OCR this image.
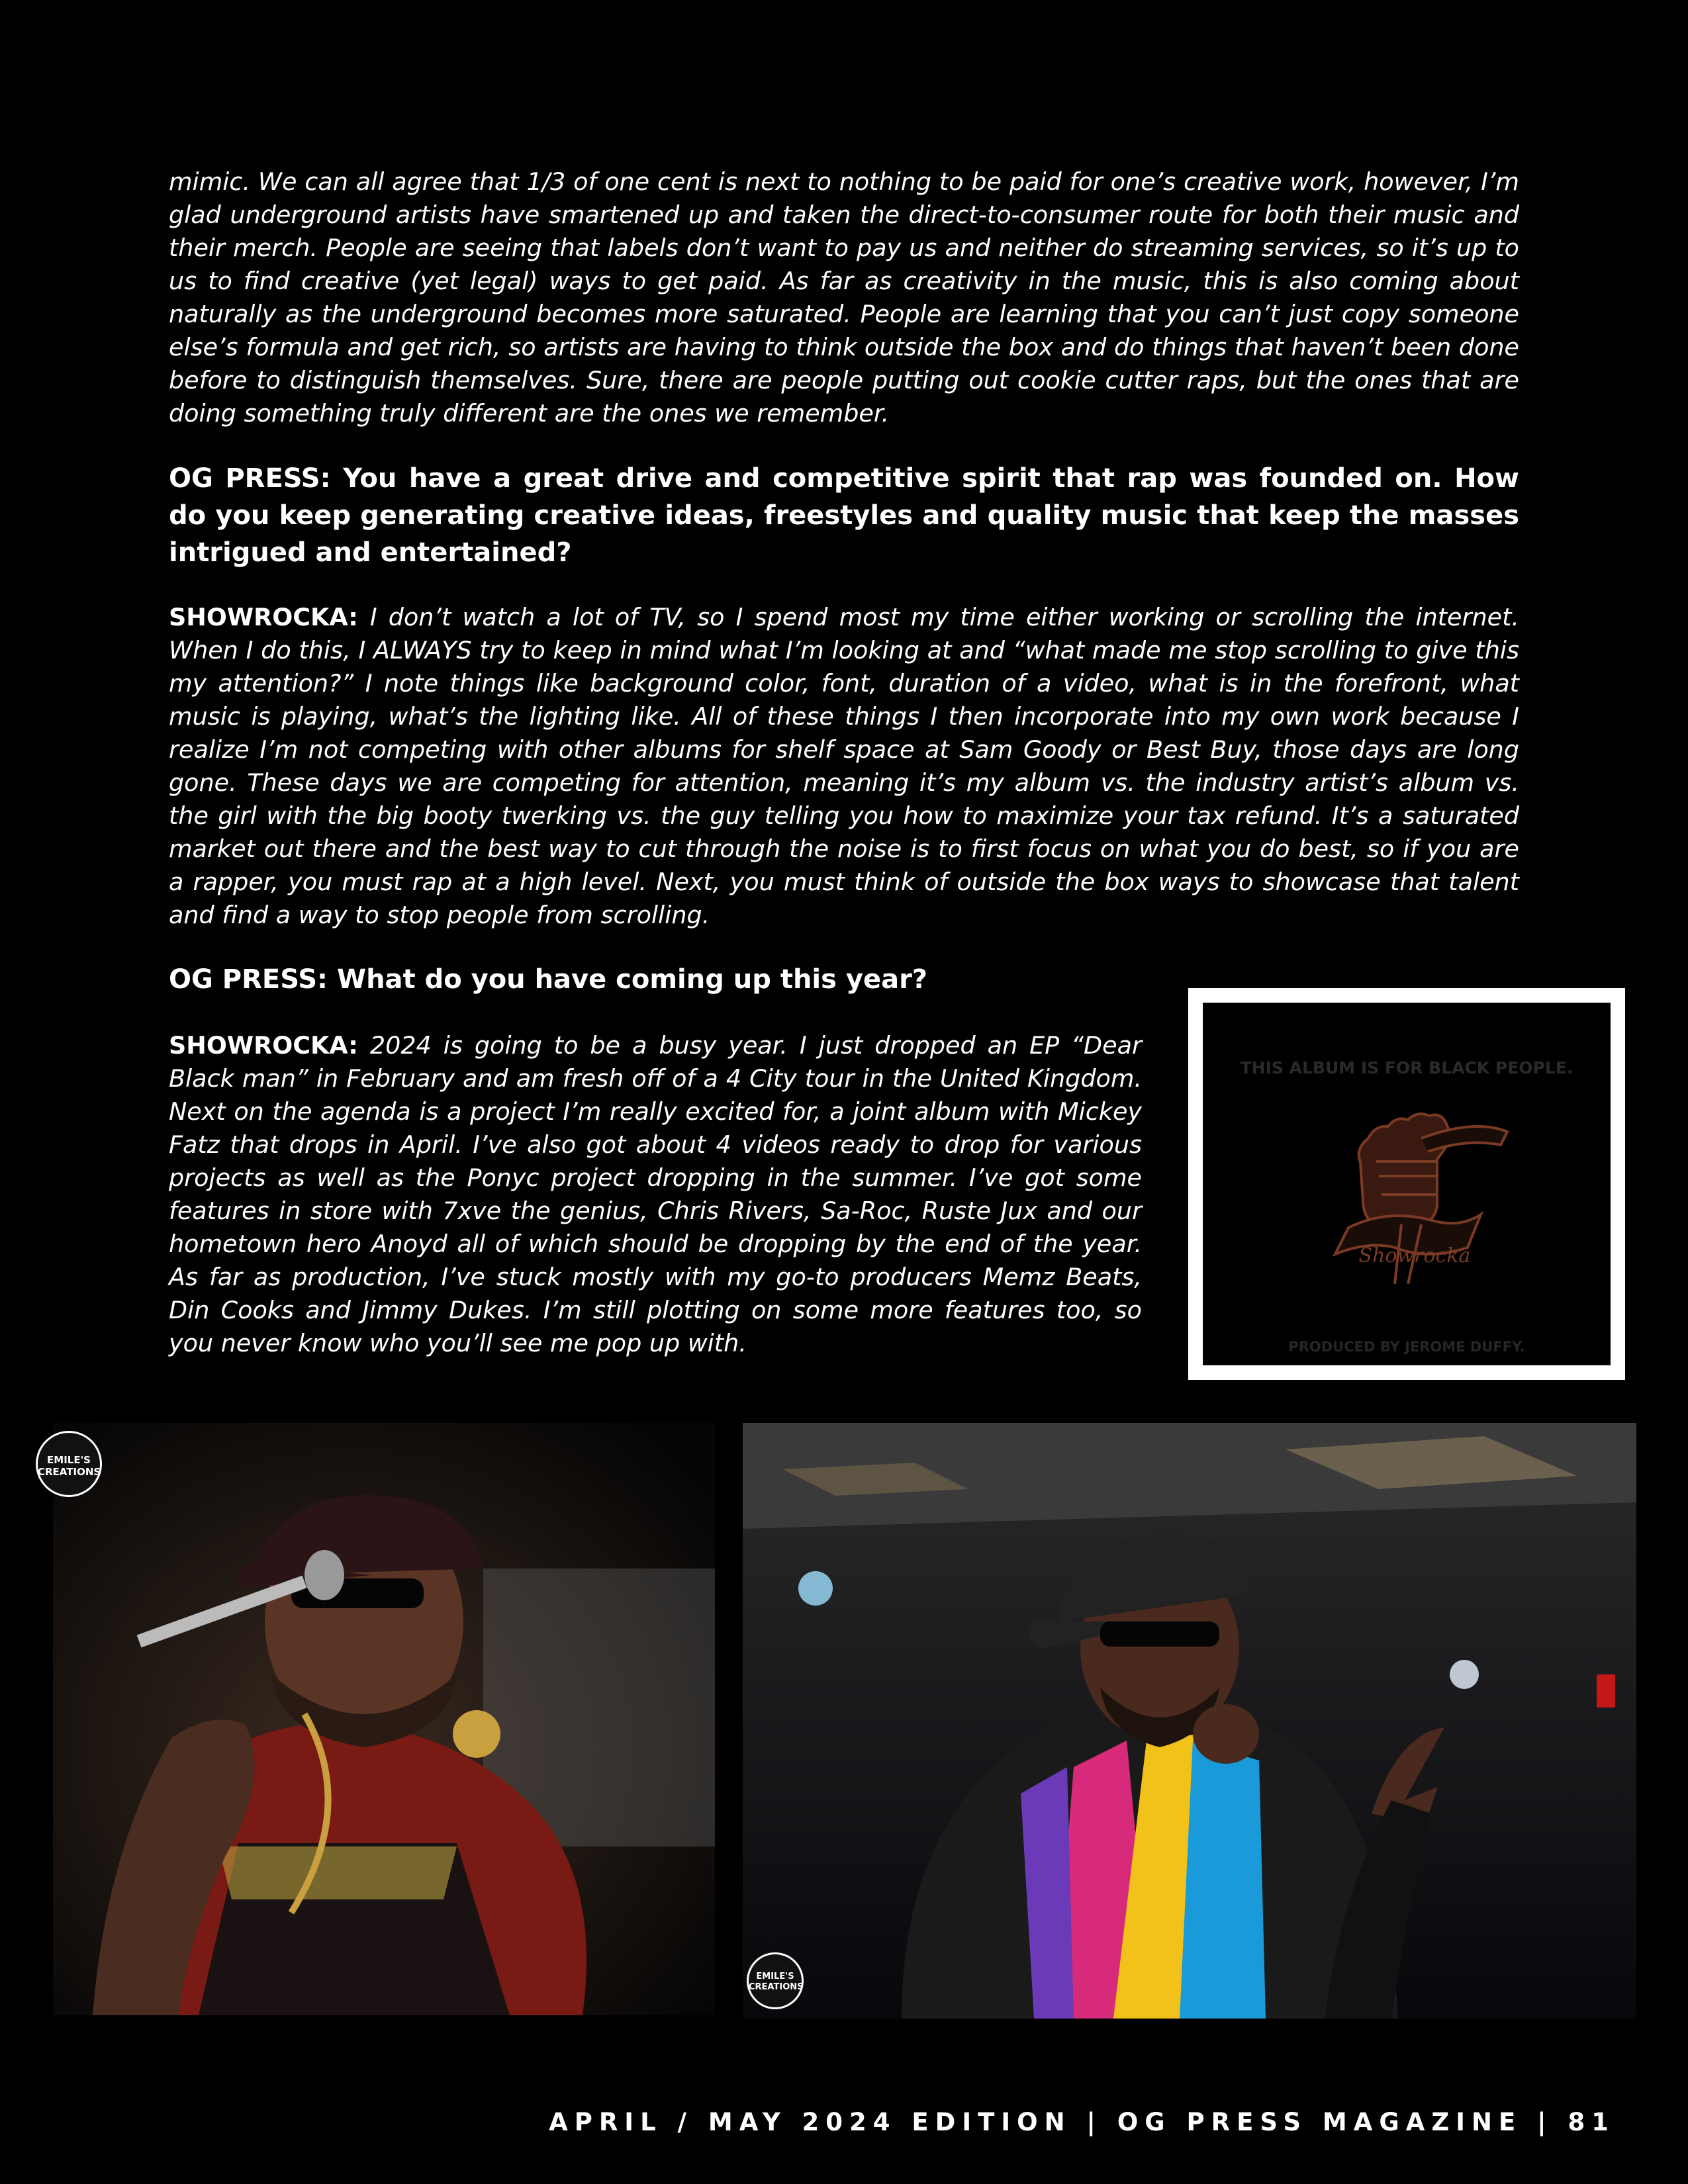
mimic. We can all agree that 1/3 of one cent is next to nothing to be paid for one’s creative work, however, I’m glad underground artists have smartened up and taken the direct-to-consumer route for both their music and their merch. People are seeing that labels don’t want to pay us and neither do streaming services, so it’s up to us to find creative (yet legal) ways to get paid. As far as creativity in the music, this is also coming about naturally as the underground becomes more saturated. People are learning that you can’t just copy someone else’s formula and get rich, so artists are having to think outside the box and do things that haven’t been done before to distinguish themselves. Sure, there are people putting out cookie cutter raps, but the ones that are doing something truly different are the ones we remember.

OG PRESS: You have a great drive and competitive spirit that rap was founded on. How do you keep generating creative ideas, freestyles and quality music that keep the masses intrigued and entertained?

SHOWROCKA: I don’t watch a lot of TV, so I spend most my time either working or scrolling the internet. When I do this, I ALWAYS try to keep in mind what I’m looking at and “what made me stop scrolling to give this my attention?” I note things like background color, font, duration of a video, what is in the forefront, what music is playing, what’s the lighting like. All of these things I then incorporate into my own work because I realize I’m not competing with other albums for shelf space at Sam Goody or Best Buy, those days are long gone. These days we are competing for attention, meaning it’s my album vs. the industry artist’s album vs. the girl with the big booty twerking vs. the guy telling you how to maximize your tax refund. It’s a saturated market out there and the best way to cut through the noise is to first focus on what you do best, so if you are a rapper, you must rap at a high level. Next, you must think of outside the box ways to showcase that talent and find a way to stop people from scrolling.

OG PRESS: What do you have coming up this year?

SHOWROCKA: 2024 is going to be a busy year. I just dropped an EP “Dear Black man” in February and am fresh off of a 4 City tour in the United Kingdom. Next on the agenda is a project I’m really excited for, a joint album with Mickey Fatz that drops in April. I’ve also got about 4 videos ready to drop for various projects as well as the Ponyc project dropping in the summer. I’ve got some features in store with 7xve the genius, Chris Rivers, Sa-Roc, Ruste Jux and our hometown hero Anoyd all of which should be dropping by the end of the year. As far as production, I’ve stuck mostly with my go-to producers Memz Beats, Din Cooks and Jimmy Dukes. I’m still plotting on some more features too, so you never know who you’ll see me pop up with.

THIS ALBUM IS FOR BLACK PEOPLE.
Showrocka
PRODUCED BY JEROME DUFFY.
EMILE'S CREATIONS
EMILE'S CREATIONS

APRIL / MAY 2024 EDITION | OG PRESS MAGAZINE | 81
